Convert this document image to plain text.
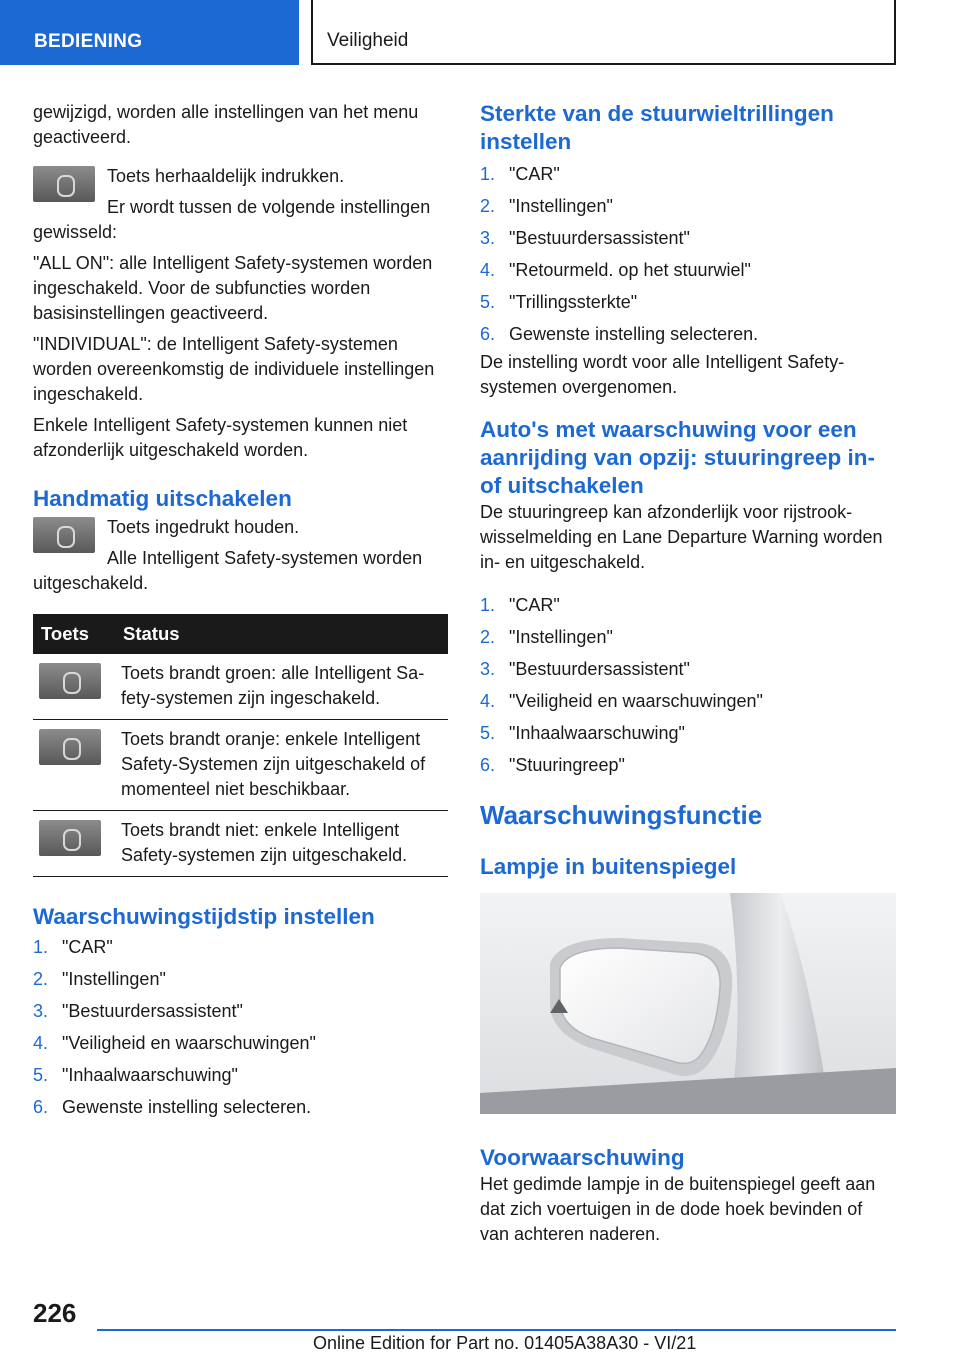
BEDIENING	Veiligheid

gewijzigd, worden alle instellingen van het menu geactiveerd.

Toets herhaaldelijk indrukken.

Er wordt tussen de volgende instellingen gewisseld:

"ALL ON": alle Intelligent Safety-systemen worden ingeschakeld. Voor de subfuncties worden basisinstellingen geactiveerd.

"INDIVIDUAL": de Intelligent Safety-systemen worden overeenkomstig de individuele instellingen ingeschakeld.

Enkele Intelligent Safety-systemen kunnen niet afzonderlijk uitgeschakeld worden.

Handmatig uitschakelen

Toets ingedrukt houden.

Alle Intelligent Safety-systemen worden uitgeschakeld.

Toets	Status

	Toets brandt groen: alle Intelligent Safety-systemen zijn ingeschakeld.

	Toets brandt oranje: enkele Intelligent Safety-Systemen zijn uitgeschakeld of momenteel niet beschikbaar.

	Toets brandt niet: enkele Intelligent Safety-systemen zijn uitgeschakeld.
Waarschuwingstijdstip instellen
1. "CAR"
2. "Instellingen"
3. "Bestuurdersassistent"
4. "Veiligheid en waarschuwingen"
5. "Inhaalwaarschuwing"
6. Gewenste instelling selecteren.
Sterkte van de stuurwieltrillingen instellen
1. "CAR"
2. "Instellingen"
3. "Bestuurdersassistent"
4. "Retourmeld. op het stuurwiel"
5. "Trillingssterkte"
6. Gewenste instelling selecteren.

De instelling wordt voor alle Intelligent Safety-systemen overgenomen.

Auto's met waarschuwing voor een aanrijding van opzij: stuuringreep in- of uitschakelen

De stuuringreep kan afzonderlijk voor rijstrookwisselmelding en Lane Departure Warning worden in- en uitgeschakeld.

1. "CAR"
2. "Instellingen"
3. "Bestuurdersassistent"
4. "Veiligheid en waarschuwingen"
5. "Inhaalwaarschuwing"
6. "Stuuringreep"
Waarschuwingsfunctie
Lampje in buitenspiegel
Voorwaarschuwing

Het gedimde lampje in de buitenspiegel geeft aan dat zich voertuigen in de dode hoek bevinden of van achteren naderen.

226
Online Edition for Part no. 01405A38A30 - VI/21
